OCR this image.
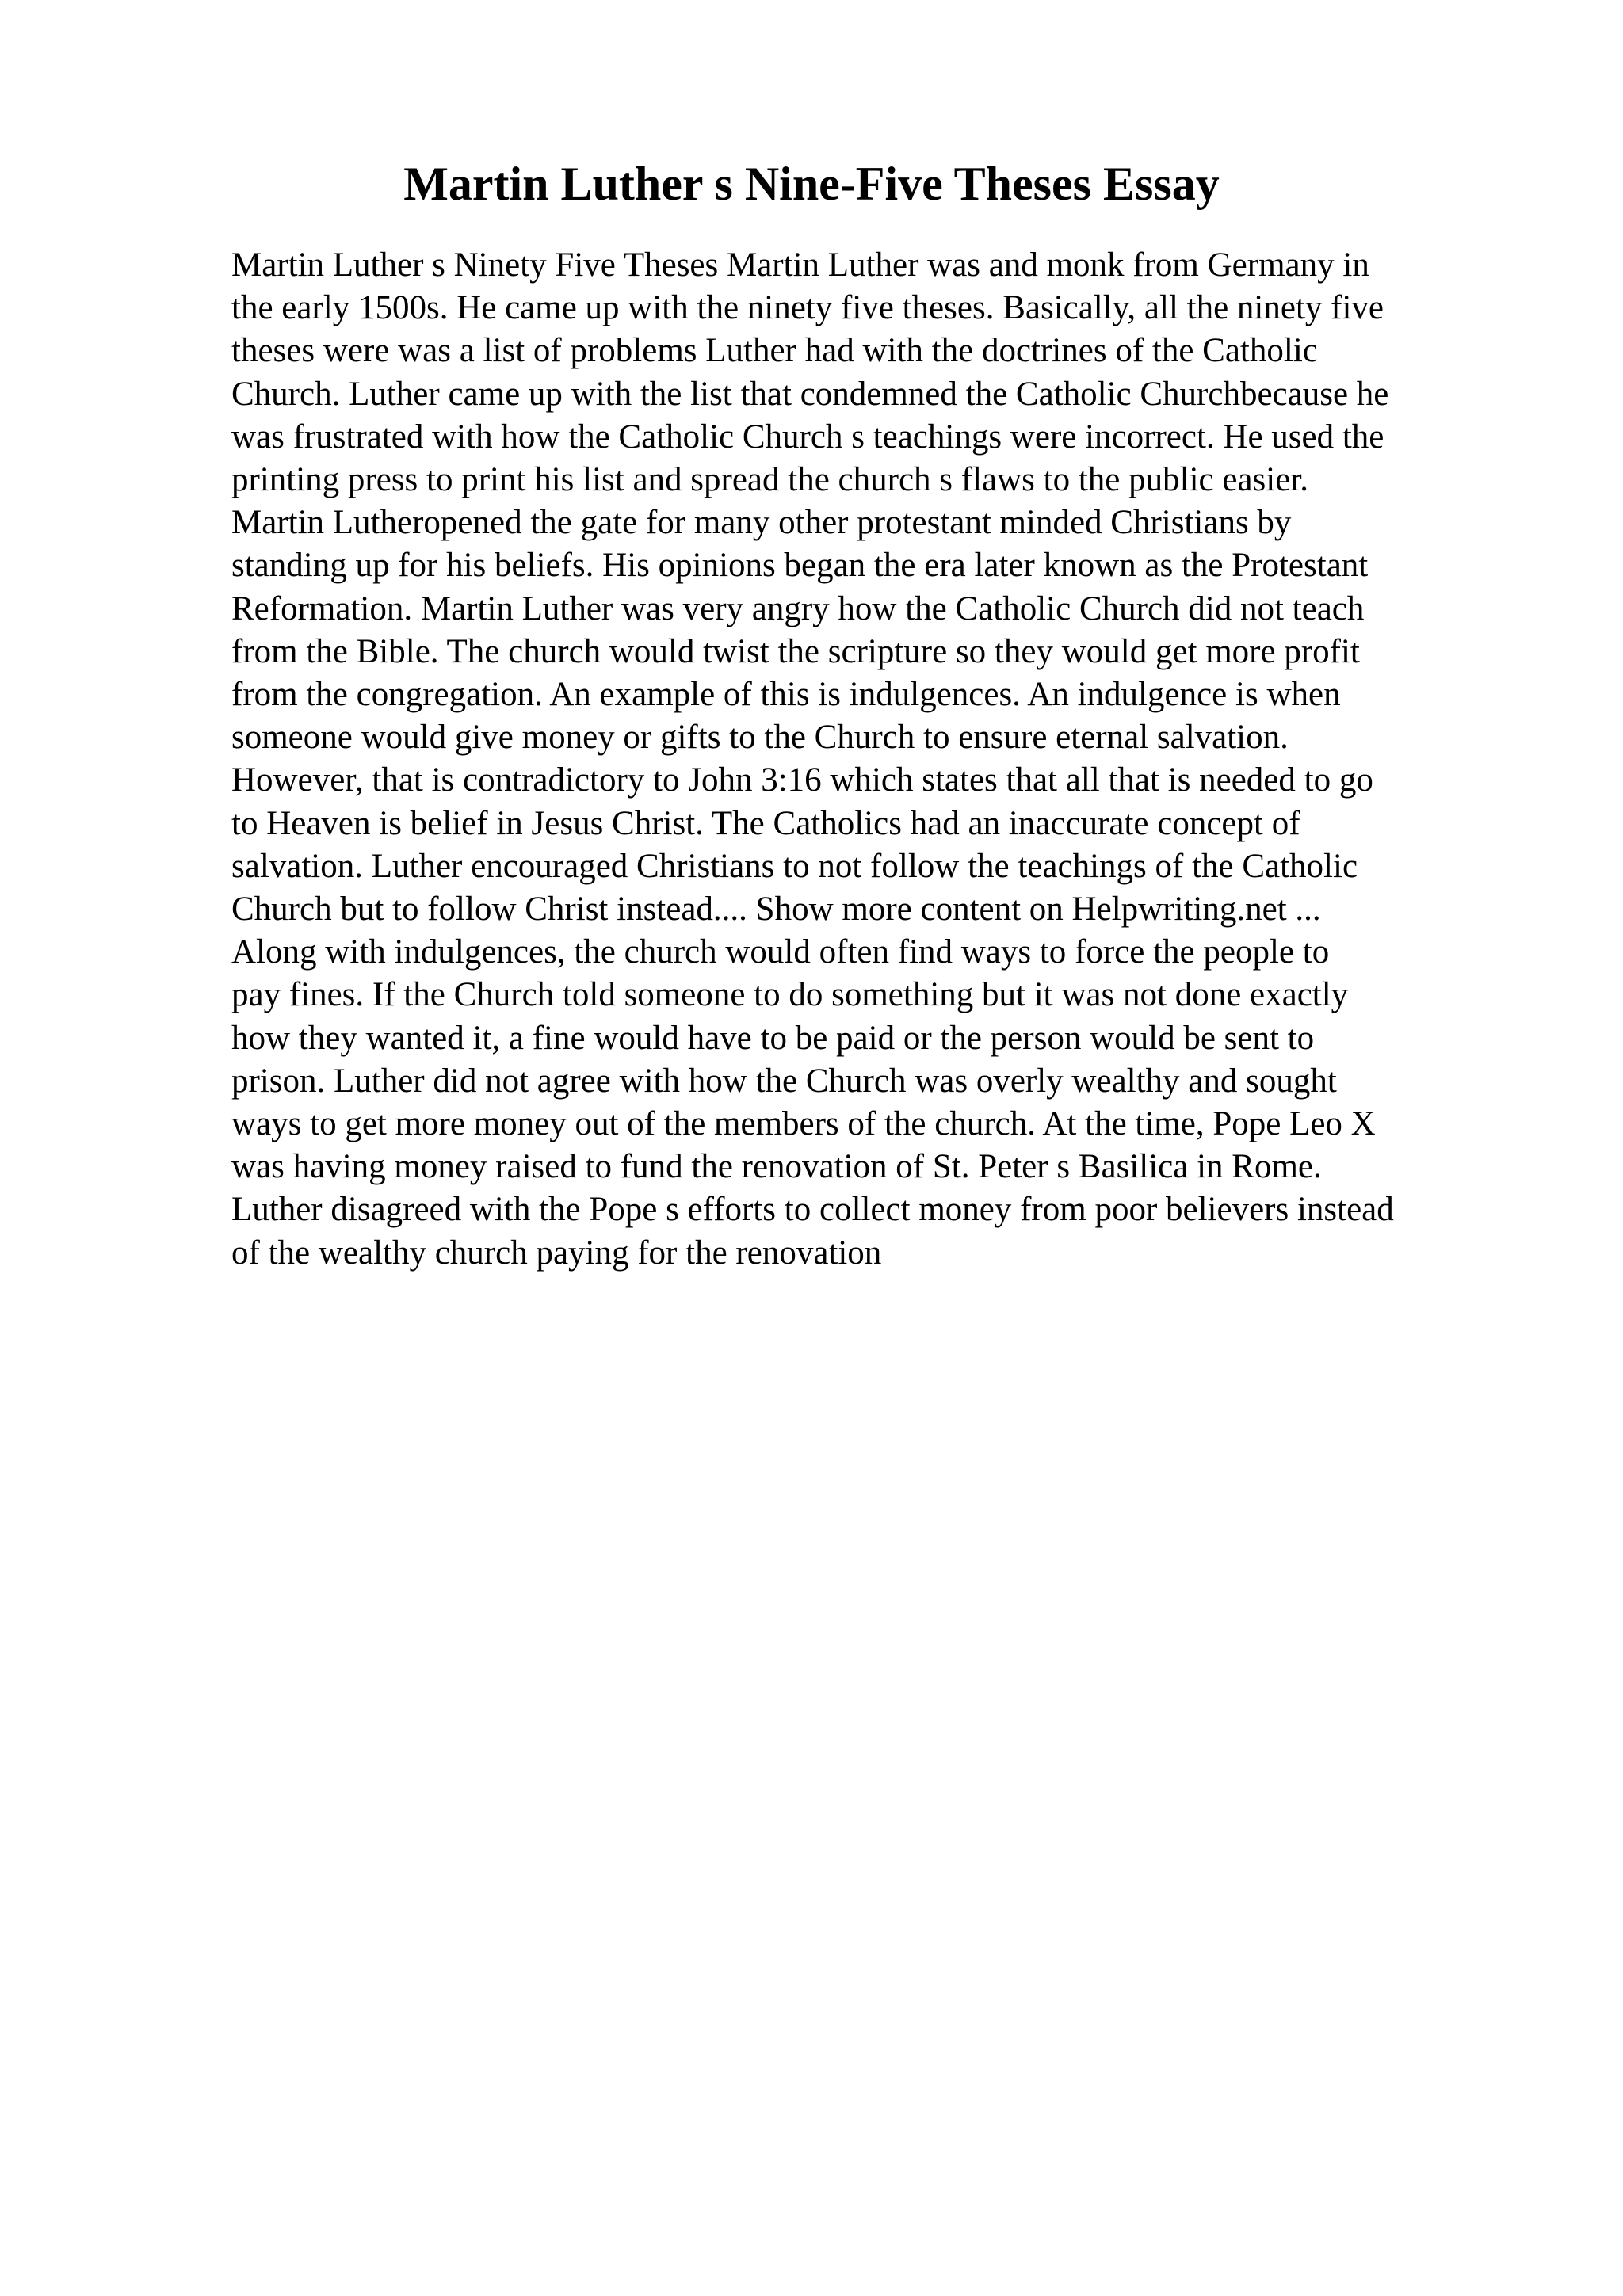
Martin Luther s Nine-Five Theses Essay
Martin Luther s Ninety Five Theses Martin Luther was and monk from Germany in
the early 1500s. He came up with the ninety five theses. Basically, all the ninety five
theses were was a list of problems Luther had with the doctrines of the Catholic
Church. Luther came up with the list that condemned the Catholic Churchbecause he
was frustrated with how the Catholic Church s teachings were incorrect. He used the
printing press to print his list and spread the church s flaws to the public easier.
Martin Lutheropened the gate for many other protestant minded Christians by
standing up for his beliefs. His opinions began the era later known as the Protestant
Reformation. Martin Luther was very angry how the Catholic Church did not teach
from the Bible. The church would twist the scripture so they would get more profit
from the congregation. An example of this is indulgences. An indulgence is when
someone would give money or gifts to the Church to ensure eternal salvation.
However, that is contradictory to John 3:16 which states that all that is needed to go
to Heaven is belief in Jesus Christ. The Catholics had an inaccurate concept of
salvation. Luther encouraged Christians to not follow the teachings of the Catholic
Church but to follow Christ instead.... Show more content on Helpwriting.net ...
Along with indulgences, the church would often find ways to force the people to
pay fines. If the Church told someone to do something but it was not done exactly
how they wanted it, a fine would have to be paid or the person would be sent to
prison. Luther did not agree with how the Church was overly wealthy and sought
ways to get more money out of the members of the church. At the time, Pope Leo X
was having money raised to fund the renovation of St. Peter s Basilica in Rome.
Luther disagreed with the Pope s efforts to collect money from poor believers instead
of the wealthy church paying for the renovation
